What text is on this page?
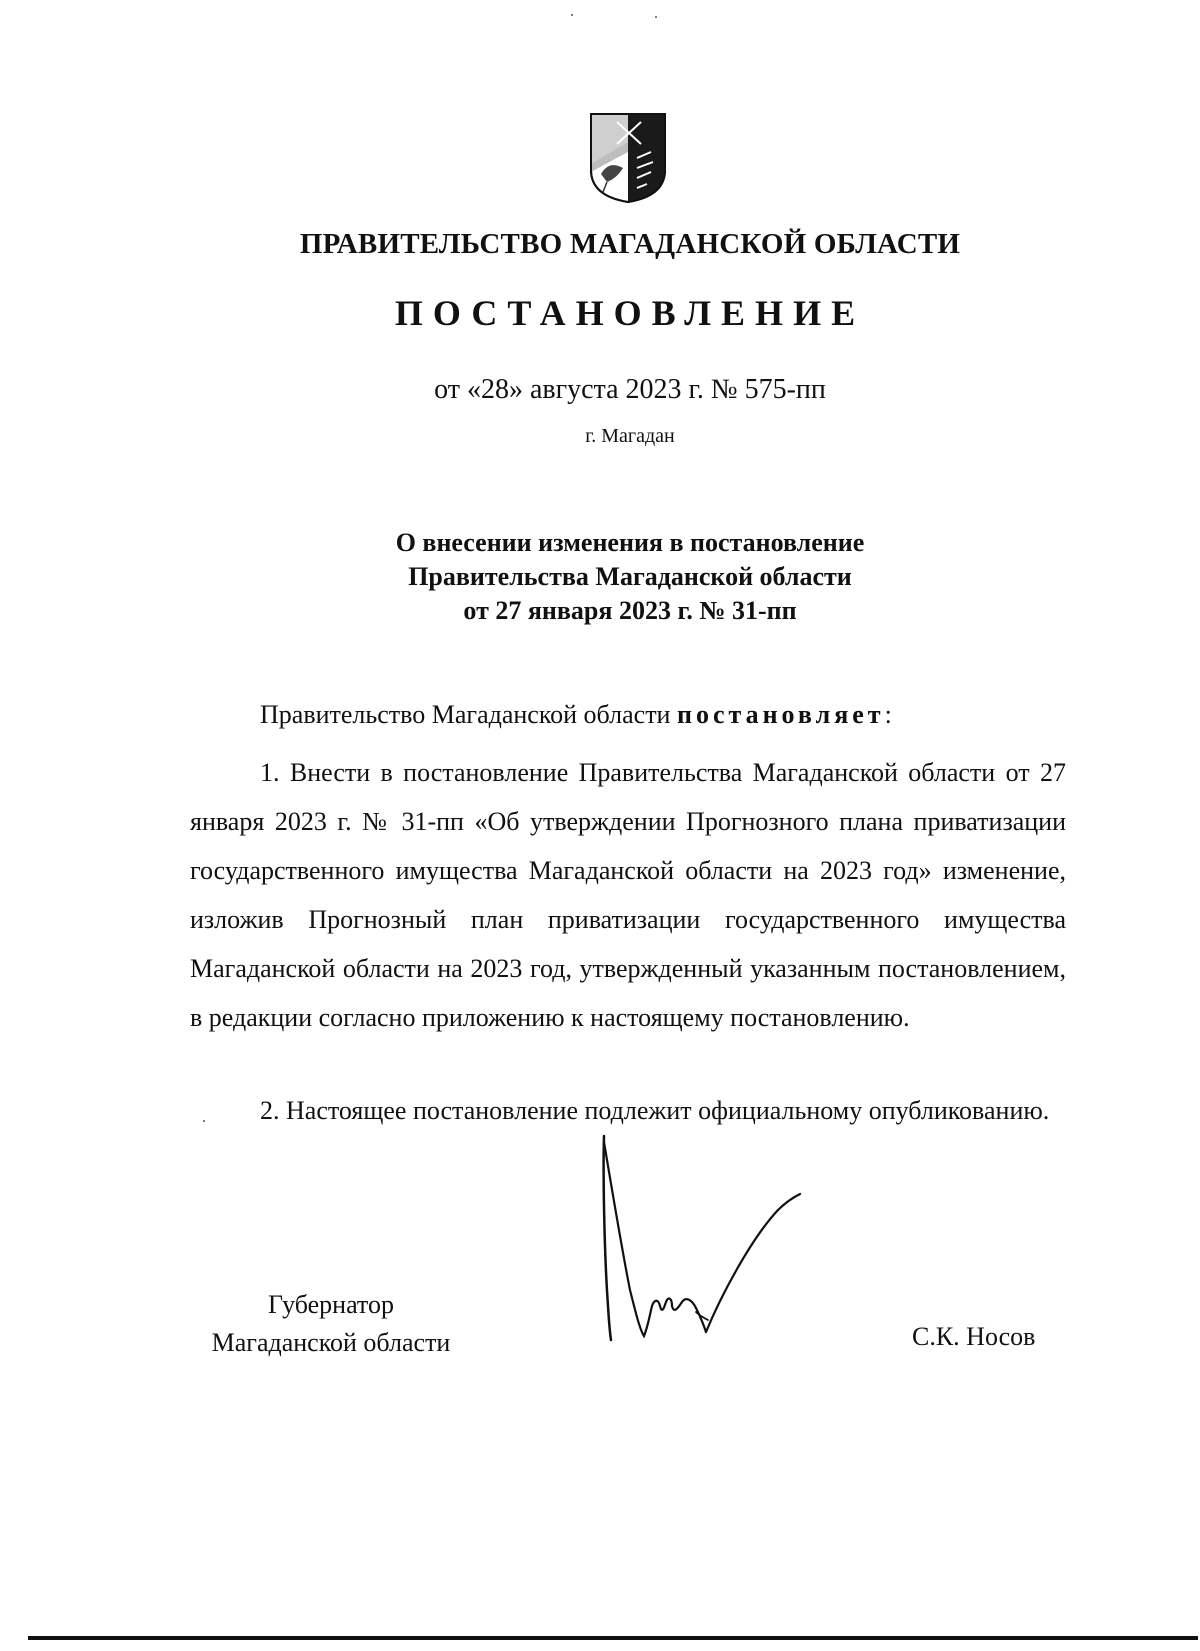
ПРАВИТЕЛЬСТВО МАГАДАНСКОЙ ОБЛАСТИ
ПОСТАНОВЛЕНИЕ
от «28» августа 2023 г. № 575-пп
г. Магадан
О внесении изменения в постановление
Правительства Магаданской области
от 27 января 2023 г. № 31-пп
Правительство Магаданской области постановляет:
1. Внести в постановление Правительства Магаданской области от 27 января 2023 г. № 31-пп «Об утверждении Прогнозного плана приватизации государственного имущества Магаданской области на 2023 год» изменение, изложив Прогнозный план приватизации государственного имущества Магаданской области на 2023 год, утвержденный указанным постановлением, в редакции согласно приложению к настоящему постановлению.
2. Настоящее постановление подлежит официальному опубликованию.
Губернатор
Магаданской области	С.К. Носов
